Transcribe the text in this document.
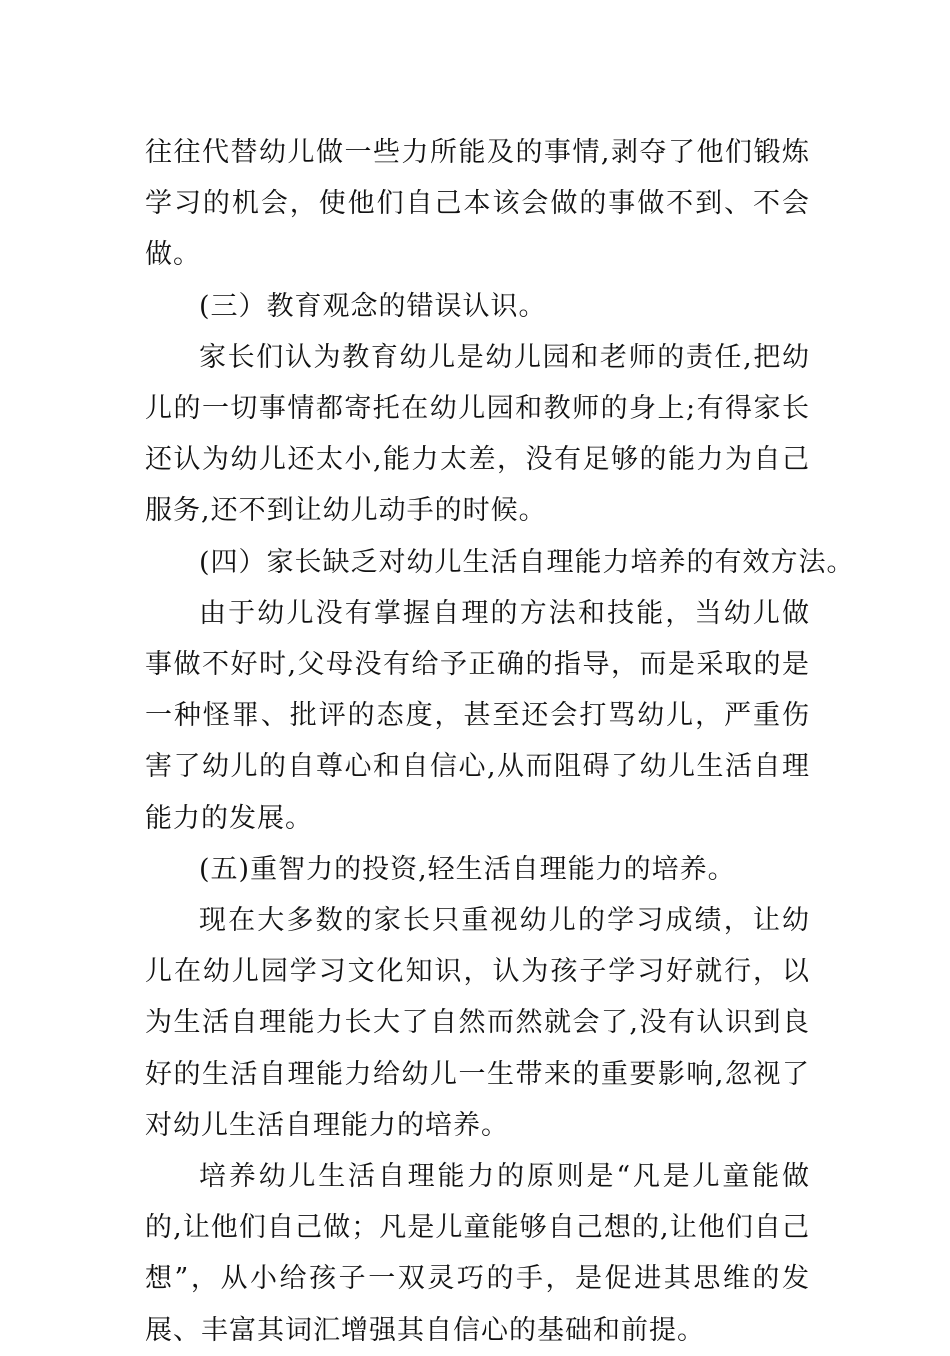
往往代替幼儿做一些力所能及的事情,剥夺了他们锻炼学习的机会，使他们自己本该会做的事做不到、不会做。

(三）教育观念的错误认识。

家长们认为教育幼儿是幼儿园和老师的责任,把幼儿的一切事情都寄托在幼儿园和教师的身上;有得家长还认为幼儿还太小,能力太差，没有足够的能力为自己服务,还不到让幼儿动手的时候。

(四）家长缺乏对幼儿生活自理能力培养的有效方法。

由于幼儿没有掌握自理的方法和技能，当幼儿做事做不好时,父母没有给予正确的指导，而是采取的是一种怪罪、批评的态度，甚至还会打骂幼儿，严重伤害了幼儿的自尊心和自信心,从而阻碍了幼儿生活自理能力的发展。

(五)重智力的投资,轻生活自理能力的培养。

现在大多数的家长只重视幼儿的学习成绩，让幼儿在幼儿园学习文化知识，认为孩子学习好就行，以为生活自理能力长大了自然而然就会了,没有认识到良好的生活自理能力给幼儿一生带来的重要影响,忽视了对幼儿生活自理能力的培养。

培养幼儿生活自理能力的原则是“凡是儿童能做的,让他们自己做；凡是儿童能够自己想的,让他们自己想”，从小给孩子一双灵巧的手，是促进其思维的发展、丰富其词汇增强其自信心的基础和前提。
